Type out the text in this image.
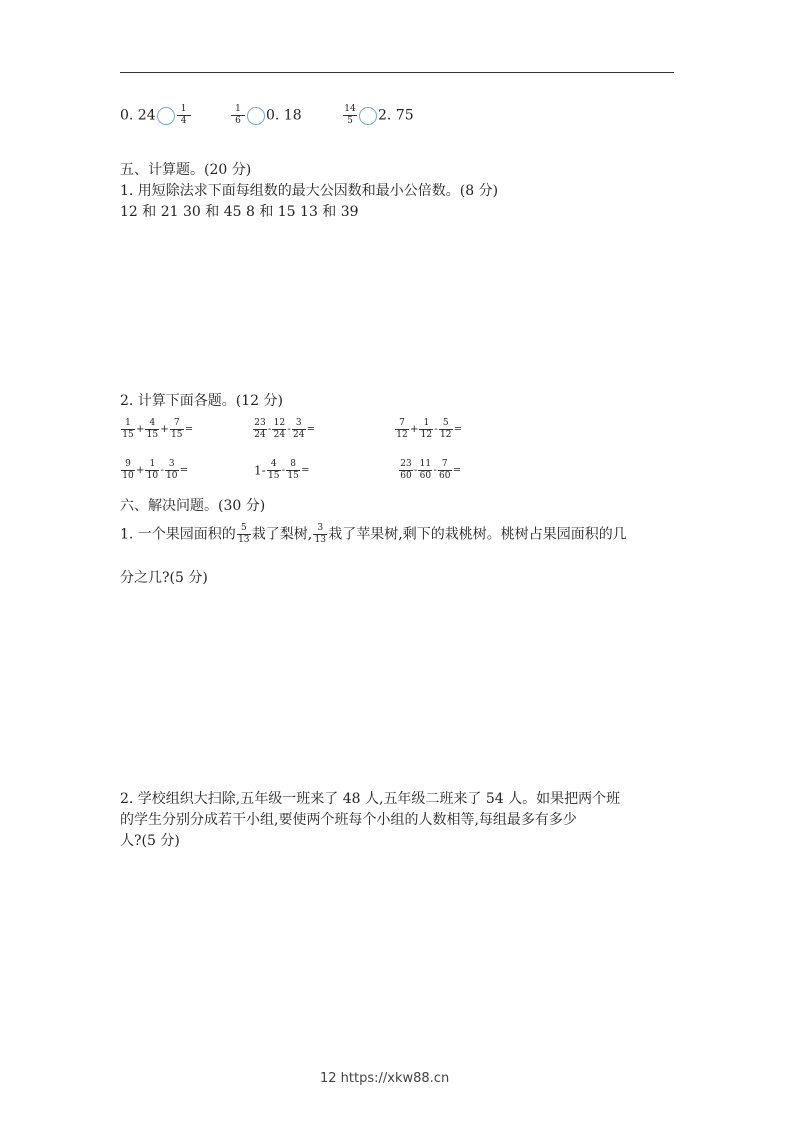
0. $24 \frac{1}{4}$	$\frac{1}{6} 0$. 18	$\frac{14}{5} 2$. 75
五、计算题。(20 分)
1. 用短除法求下面每组数的最大公因数和最小公倍数。(8 分)
12 和 21 30 和 45 8 和 15 13 和 39
2. 计算下面各题。(12 分)
$\frac{1}{15} + \frac{4}{15} + \frac{7}{15}$ =	$\frac{23}{24} - \frac{12}{24} - \frac{3}{24}$ =	$\frac{7}{12} + \frac{1}{12} - \frac{5}{12}$ =
$\frac{9}{10} + \frac{1}{10} - \frac{3}{10}$ =	$1- \frac{4}{15} - \frac{8}{15}$ =	$\frac{23}{60} - \frac{11}{60} - \frac{7}{60}$ =
六、解决问题。(30 分)
1. 一个果园面积的 $\frac{5}{13}$ 栽了梨树, $\frac{3}{13}$ 栽了苹果树,剩下的栽桃树。桃树占果园面积的几
分之几?(5 分)
2. 学校组织大扫除,五年级一班来了 48 人,五年级二班来了 54 人。如果把两个班
的学生分别分成若干小组,要使两个班每个小组的人数相等,每组最多有多少
人?(5 分)
12 https://xkw88.cn
